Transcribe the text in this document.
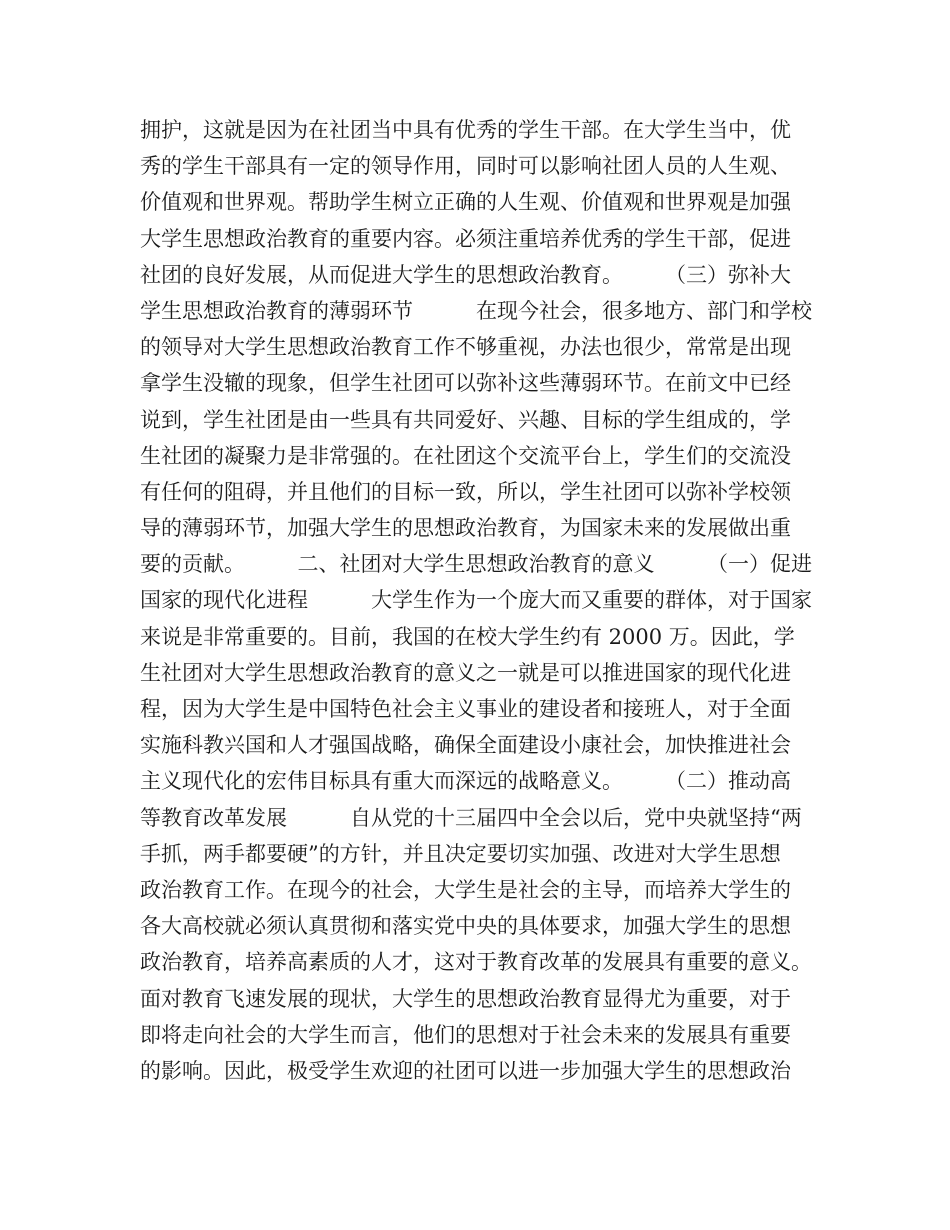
拥护，这就是因为在社团当中具有优秀的学生干部。在大学生当中，优
秀的学生干部具有一定的领导作用，同时可以影响社团人员的人生观、
价值观和世界观。帮助学生树立正确的人生观、价值观和世界观是加强
大学生思想政治教育的重要内容。必须注重培养优秀的学生干部，促进
社团的良好发展，从而促进大学生的思想政治教育。　　　（三）弥补大
学生思想政治教育的薄弱环节　　　在现今社会，很多地方、部门和学校
的领导对大学生思想政治教育工作不够重视，办法也很少，常常是出现
拿学生没辙的现象，但学生社团可以弥补这些薄弱环节。在前文中已经
说到，学生社团是由一些具有共同爱好、兴趣、目标的学生组成的，学
生社团的凝聚力是非常强的。在社团这个交流平台上，学生们的交流没
有任何的阻碍，并且他们的目标一致，所以，学生社团可以弥补学校领
导的薄弱环节，加强大学生的思想政治教育，为国家未来的发展做出重
要的贡献。　　　二、社团对大学生思想政治教育的意义　　　（一）促进
国家的现代化进程　　　大学生作为一个庞大而又重要的群体，对于国家
来说是非常重要的。目前，我国的在校大学生约有 2000 万。因此，学
生社团对大学生思想政治教育的意义之一就是可以推进国家的现代化进
程，因为大学生是中国特色社会主义事业的建设者和接班人，对于全面
实施科教兴国和人才强国战略，确保全面建设小康社会，加快推进社会
主义现代化的宏伟目标具有重大而深远的战略意义。　　　（二）推动高
等教育改革发展　　　自从党的十三届四中全会以后，党中央就坚持“两
手抓，两手都要硬”的方针，并且决定要切实加强、改进对大学生思想
政治教育工作。在现今的社会，大学生是社会的主导，而培养大学生的
各大高校就必须认真贯彻和落实党中央的具体要求，加强大学生的思想
政治教育，培养高素质的人才，这对于教育改革的发展具有重要的意义。
面对教育飞速发展的现状，大学生的思想政治教育显得尤为重要，对于
即将走向社会的大学生而言，他们的思想对于社会未来的发展具有重要
的影响。因此，极受学生欢迎的社团可以进一步加强大学生的思想政治
